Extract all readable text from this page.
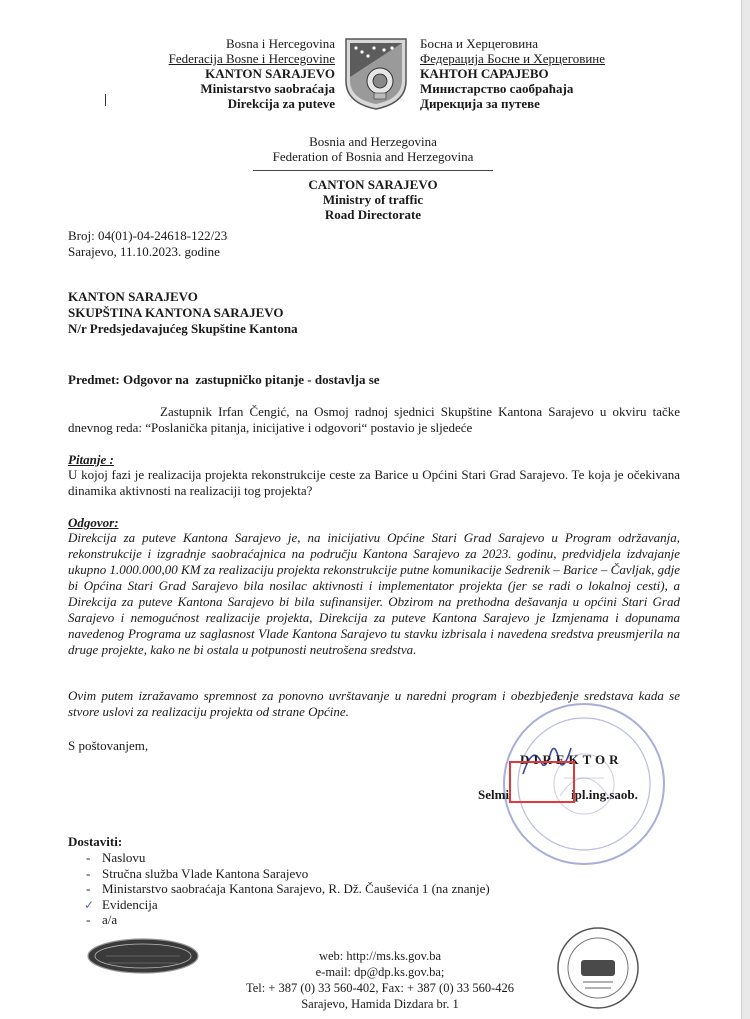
Bosna i Hercegovina
Federacija Bosne i Hercegovine
KANTON SARAJEVO
Ministarstvo saobraćaja
Direkcija za puteve
Босна и Херцеговина
Федерација Босне и Херцеговине
КАНТОН САРАЈЕВО
Министарство саобраћаја
Дирекција за путеве
Bosnia and Herzegovina
Federation of Bosnia and Herzegovina
CANTON SARAJEVO
Ministry of traffic
Road Directorate
Broj: 04(01)-04-24618-122/23
Sarajevo, 11.10.2023. godine
KANTON SARAJEVO
SKUPŠTINA KANTONA SARAJEVO
N/r Predsjedavajućeg Skupštine Kantona
Predmet: Odgovor na  zastupničko pitanje - dostavlja se
Zastupnik Irfan Čengić, na Osmoj radnoj sjednici Skupštine Kantona Sarajevo u okviru tačke dnevnog reda: “Poslanička pitanja, inicijative i odgovori“ postavio je sljedeće
Pitanje :
U kojoj fazi je realizacija projekta rekonstrukcije ceste za Barice u Općini Stari Grad Sarajevo. Te koja je očekivana dinamika aktivnosti na realizaciji tog projekta?
Odgovor:
Direkcija za puteve Kantona Sarajevo je, na inicijativu Općine Stari Grad Sarajevo u Program održavanja, rekonstrukcije i izgradnje saobraćajnica na području Kantona Sarajevo za 2023. godinu, predvidjela izdvajanje ukupno 1.000.000,00 KM za realizaciju projekta rekonstrukcije putne komunikacije Sedrenik – Barice – Čavljak, gdje bi Općina Stari Grad Sarajevo bila nosilac aktivnosti i implementator projekta (jer se radi o lokalnoj cesti), a Direkcija za puteve Kantona Sarajevo bi bila sufinansijer. Obzirom na prethodna dešavanja u općini Stari Grad Sarajevo i nemogućnost realizacije projekta, Direkcija za puteve Kantona Sarajevo je Izmjenama i dopunama navedenog Programa uz saglasnost Vlade Kantona Sarajevo tu stavku izbrisala i navedena sredstva preusmjerila na druge projekte, kako ne bi ostala u potpunosti neutrošena sredstva.
Ovim putem izražavamo spremnost za ponovno uvrštavanje u naredni program i obezbjeđenje sredstava kada se stvore uslovi za realizaciju projekta od strane Općine.
S poštovanjem,
DIREKTOR
Selmi	ipl.ing.saob.
Dostaviti:
- Naslovu
- Stručna služba Vlade Kantona Sarajevo
- Ministarstvo saobraćaja Kantona Sarajevo, R. Dž. Čauševića 1 (na znanje)
✓ Evidencija
- a/a
web: http://ms.ks.gov.ba
e-mail: dp@dp.ks.gov.ba;
Tel: + 387 (0) 33 560-402, Fax: + 387 (0) 33 560-426
Sarajevo, Hamida Dizdara br. 1
